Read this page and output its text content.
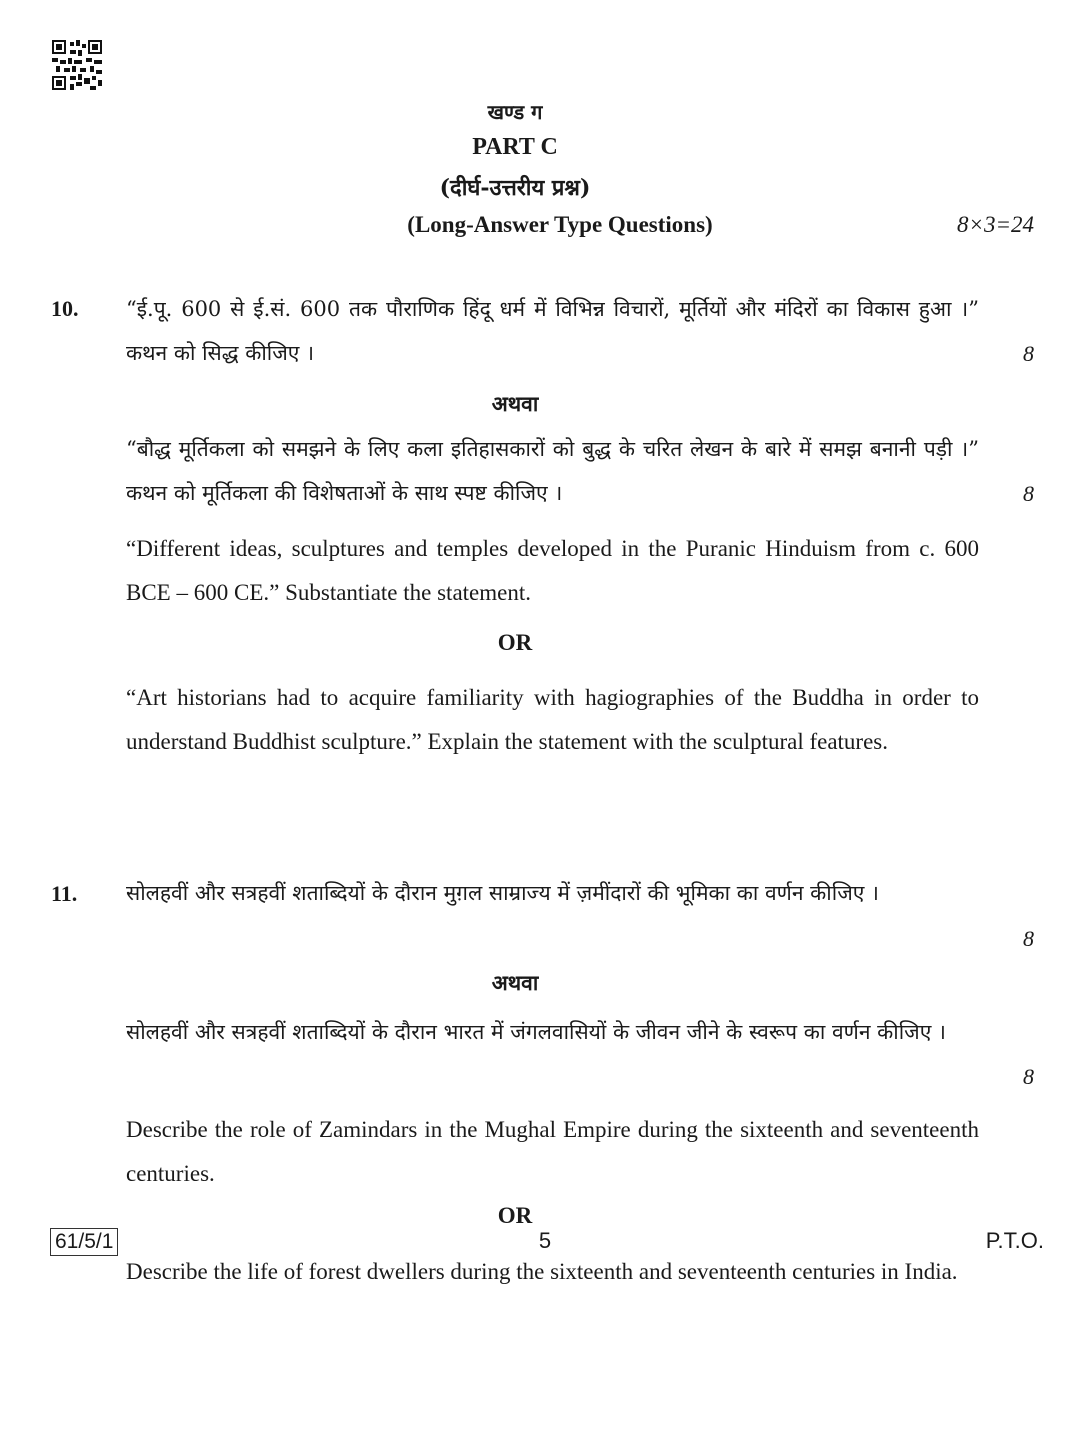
खण्ड ग
PART C
(दीर्घ-उत्तरीय प्रश्न)
(Long-Answer Type Questions)	8×3=24
10. “ई.पू. 600 से ई.सं. 600 तक पौराणिक हिंदू धर्म में विभिन्न विचारों, मूर्तियों और मंदिरों का विकास हुआ ।” कथन को सिद्ध कीजिए ।	8
अथवा
“बौद्ध मूर्तिकला को समझने के लिए कला इतिहासकारों को बुद्ध के चरित लेखन के बारे में समझ बनानी पड़ी ।” कथन को मूर्तिकला की विशेषताओं के साथ स्पष्ट कीजिए ।	8
“Different ideas, sculptures and temples developed in the Puranic Hinduism from c. 600 BCE – 600 CE.” Substantiate the statement.
OR
“Art historians had to acquire familiarity with hagiographies of the Buddha in order to understand Buddhist sculpture.” Explain the statement with the sculptural features.
11. सोलहवीं और सत्रहवीं शताब्दियों के दौरान मुग़ल साम्राज्य में ज़मींदारों की भूमिका का वर्णन कीजिए ।
8
अथवा
सोलहवीं और सत्रहवीं शताब्दियों के दौरान भारत में जंगलवासियों के जीवन जीने के स्वरूप का वर्णन कीजिए ।
8
Describe the role of Zamindars in the Mughal Empire during the sixteenth and seventeenth centuries.
OR
Describe the life of forest dwellers during the sixteenth and seventeenth centuries in India.
61/5/1	5	P.T.O.
